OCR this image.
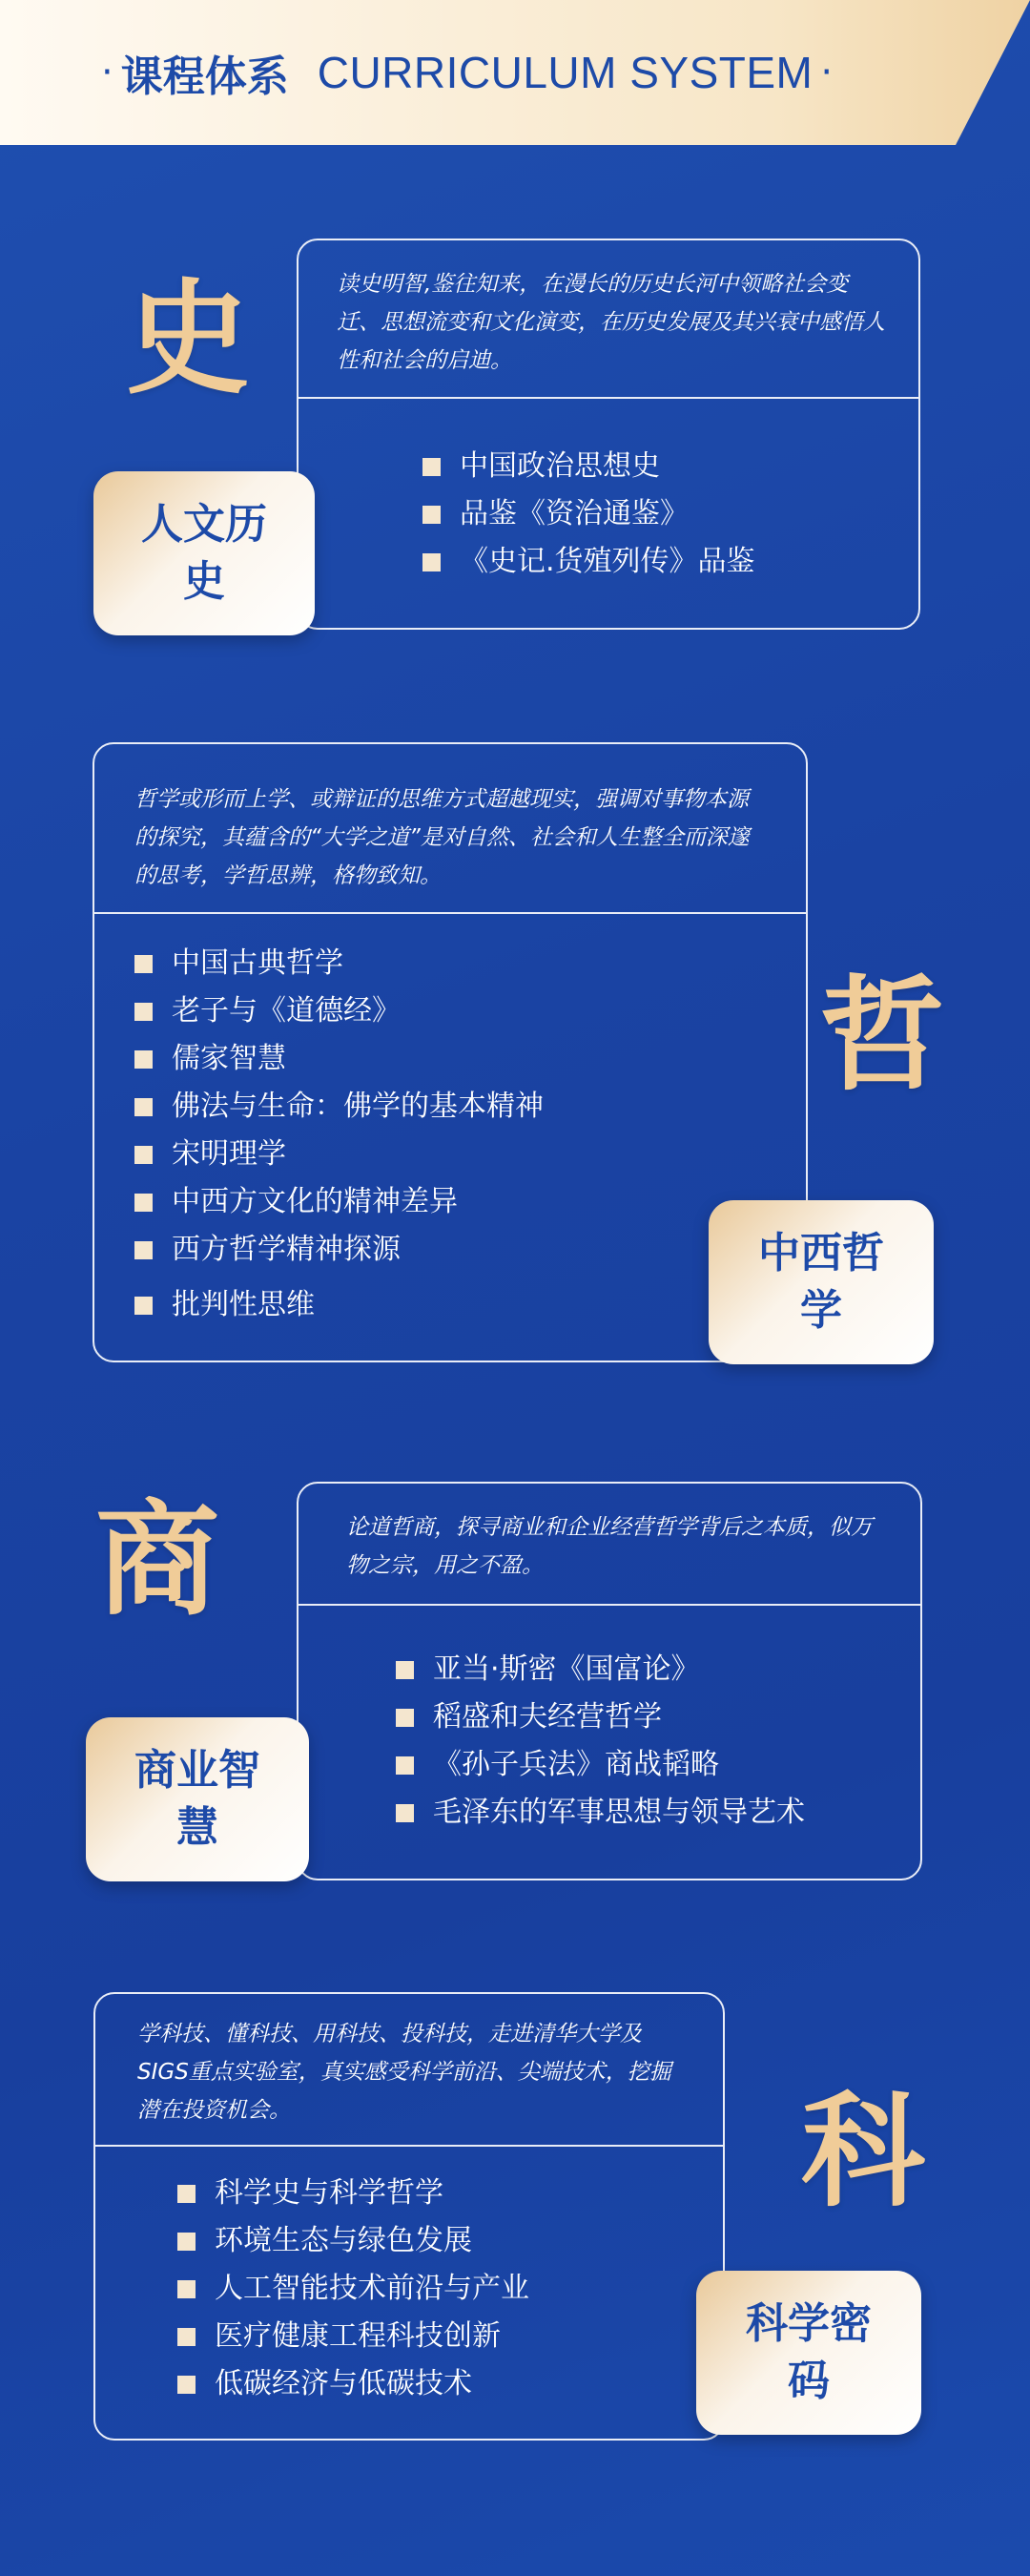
· 课程体系 CURRICULUM SYSTEM ·
史	读史明智,鉴往知来，在漫长的历史长河中领略社会变迁、思想流变和文化演变，在历史发展及其兴衰中感悟人性和社会的启迪。
中国政治思想史
品鉴《资治通鉴》
《史记.货殖列传》品鉴
人文历史
哲学或形而上学、或辩证的思维方式超越现实，强调对事物本源的探究，其蕴含的“大学之道”是对自然、社会和人生整全而深邃的思考，学哲思辨，格物致知。
中国古典哲学
老子与《道德经》
儒家智慧
佛法与生命：佛学的基本精神
宋明理学
中西方文化的精神差异
西方哲学精神探源
批判性思维
哲
中西哲学
商	论道哲商，探寻商业和企业经营哲学背后之本质，似万物之宗，用之不盈。
亚当·斯密《国富论》
稻盛和夫经营哲学
《孙子兵法》商战韬略
毛泽东的军事思想与领导艺术
商业智慧
学科技、懂科技、用科技、投科技，走进清华大学及SIGS重点实验室，真实感受科学前沿、尖端技术，挖掘潜在投资机会。
科学史与科学哲学
环境生态与绿色发展
人工智能技术前沿与产业
医疗健康工程科技创新
低碳经济与低碳技术
科
科学密码
